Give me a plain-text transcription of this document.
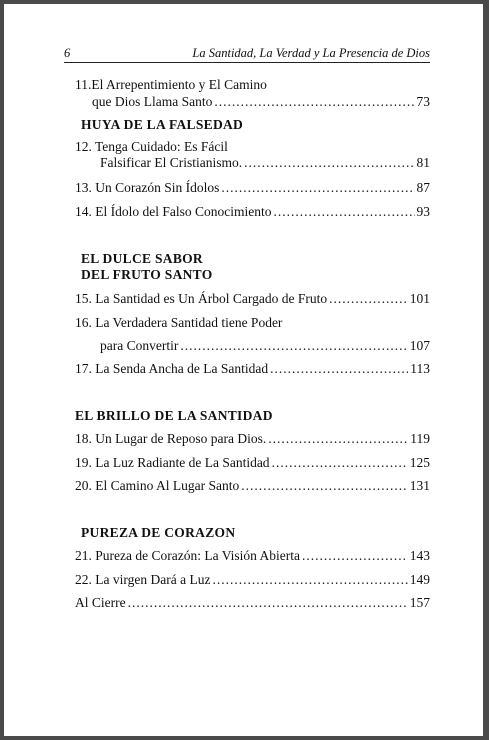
6	La Santidad, La Verdad y La Presencia de Dios
11.El Arrepentimiento y El Camino
que Dios Llama Santo .....	73
HUYA DE LA FALSEDAD
12. Tenga Cuidado: Es Fácil
Falsificar El Cristianismo. .....	81
13. Un Corazón Sin Ídolos .....	87
14. El Ídolo del Falso Conocimiento .....	93
EL DULCE SABOR
DEL FRUTO SANTO
15. La Santidad es Un Árbol Cargado de Fruto .....	101
16. La Verdadera Santidad tiene Poder
para Convertir .....	107
17. La Senda Ancha de La Santidad .....	113
EL BRILLO DE LA SANTIDAD
18. Un Lugar de Reposo para Dios. .....	119
19. La Luz Radiante de La Santidad .....	125
20. El Camino Al Lugar Santo .....	131
PUREZA DE CORAZON
21. Pureza de Corazón: La Visión Abierta .....	143
22. La virgen Dará a Luz .....	149
Al Cierre .....	157
